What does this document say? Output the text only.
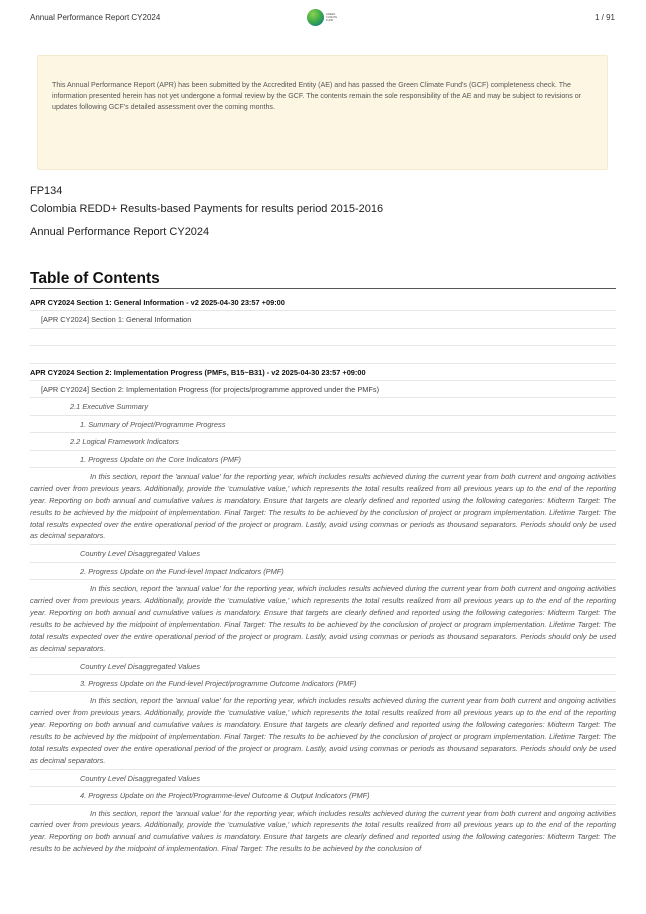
Annual Performance Report CY2024	GREEN CLIMATE FUND	1 / 91

This Annual Performance Report (APR) has been submitted by the Accredited Entity (AE) and has passed the Green Climate Fund's (GCF) completeness check. The information presented herein has not yet undergone a formal review by the GCF. The contents remain the sole responsibility of the AE and may be subject to revisions or updates following GCF's detailed assessment over the coming months.

FP134
Colombia REDD+ Results-based Payments for results period 2015-2016
Annual Performance Report CY2024
Table of Contents
APR CY2024 Section 1: General Information - v2 2025-04-30 23:57 +09:00
[APR CY2024] Section 1: General Information
APR CY2024 Section 2: Implementation Progress (PMFs, B15~B31) - v2 2025-04-30 23:57 +09:00
[APR CY2024] Section 2: Implementation Progress (for projects/programme approved under the PMFs)
2.1 Executive Summary
1. Summary of Project/Programme Progress
2.2 Logical Framework Indicators
1. Progress Update on the Core Indicators (PMF)
In this section, report the 'annual value' for the reporting year, which includes results achieved during the current year from both current and ongoing activities carried over from previous years. Additionally, provide the 'cumulative value,' which represents the total results realized from all previous years up to the end of the reporting year. Reporting on both annual and cumulative values is mandatory. Ensure that targets are clearly defined and reported using the following categories: Midterm Target: The results to be achieved by the midpoint of implementation. Final Target: The results to be achieved by the conclusion of project or program implementation. Lifetime Target: The total results expected over the entire operational period of the project or program. Lastly, avoid using commas or periods as thousand separators. Periods should only be used as decimal separators.
Country Level Disaggregated Values
2. Progress Update on the Fund-level Impact Indicators (PMF)
In this section, report the 'annual value' for the reporting year, which includes results achieved during the current year from both current and ongoing activities carried over from previous years. Additionally, provide the 'cumulative value,' which represents the total results realized from all previous years up to the end of the reporting year. Reporting on both annual and cumulative values is mandatory. Ensure that targets are clearly defined and reported using the following categories: Midterm Target: The results to be achieved by the midpoint of implementation. Final Target: The results to be achieved by the conclusion of project or program implementation. Lifetime Target: The total results expected over the entire operational period of the project or program. Lastly, avoid using commas or periods as thousand separators. Periods should only be used as decimal separators.
Country Level Disaggregated Values
3. Progress Update on the Fund-level Project/programme Outcome Indicators (PMF)
In this section, report the 'annual value' for the reporting year, which includes results achieved during the current year from both current and ongoing activities carried over from previous years. Additionally, provide the 'cumulative value,' which represents the total results realized from all previous years up to the end of the reporting year. Reporting on both annual and cumulative values is mandatory. Ensure that targets are clearly defined and reported using the following categories: Midterm Target: The results to be achieved by the midpoint of implementation. Final Target: The results to be achieved by the conclusion of project or program implementation. Lifetime Target: The total results expected over the entire operational period of the project or program. Lastly, avoid using commas or periods as thousand separators. Periods should only be used as decimal separators.
Country Level Disaggregated Values
4. Progress Update on the Project/Programme-level Outcome & Output Indicators (PMF)
In this section, report the 'annual value' for the reporting year, which includes results achieved during the current year from both current and ongoing activities carried over from previous years. Additionally, provide the 'cumulative value,' which represents the total results realized from all previous years up to the end of the reporting year. Reporting on both annual and cumulative values is mandatory. Ensure that targets are clearly defined and reported using the following categories: Midterm Target: The results to be achieved by the midpoint of implementation. Final Target: The results to be achieved by the conclusion of
